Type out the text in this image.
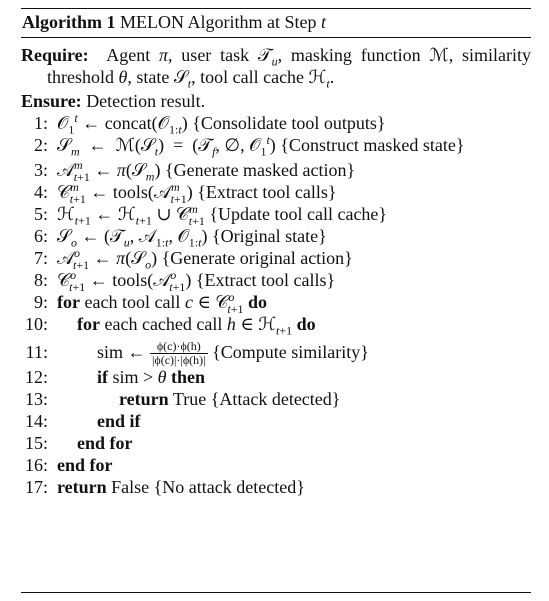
Algorithm 1 MELON Algorithm at Step t
Require:  Agent π, user task 𝒯$_u$, masking function ℳ, similarity threshold θ, state 𝒮$_t$, tool call cache ℋ$_t$.
Ensure: Detection result.
1: 𝒪$_1^t$ ← concat(𝒪$_{1:t}$) {Consolidate tool outputs}
2: 𝒮$_m$  ←  ℳ(𝒮$_t$)  =  (𝒯$_f$, ∅, 𝒪$_1^t$) {Construct masked state}
3: 𝒜$^m_{t+1}$ ← π(𝒮$_m$) {Generate masked action}
4: 𝒞$^m_{t+1}$ ← tools(𝒜$^m_{t+1}$) {Extract tool calls}
5: ℋ$_{t+1}$ ← ℋ$_{t+1}$ ∪ 𝒞$^m_{t+1}$ {Update tool call cache}
6: 𝒮$_o$ ← (𝒯$_u$, 𝒜$_{1:t}$, 𝒪$_{1:t}$) {Original state}
7: 𝒜$^o_{t+1}$ ← π(𝒮$_o$) {Generate original action}
8: 𝒞$^o_{t+1}$ ← tools(𝒜$^o_{t+1}$) {Extract tool calls}
9: for each tool call c ∈ 𝒞$^o_{t+1}$ do
10: for each cached call h ∈ ℋ$_{t+1}$ do
11:	sim ← $\frac{\phi(c)\cdot\phi(h)}{|\phi(c)|\cdot|\phi(h)|}$ {Compute similarity}
12:	if sim > θ then
13:	return True {Attack detected}
14:	end if
15: end for
16: end for
17: return False {No attack detected}
